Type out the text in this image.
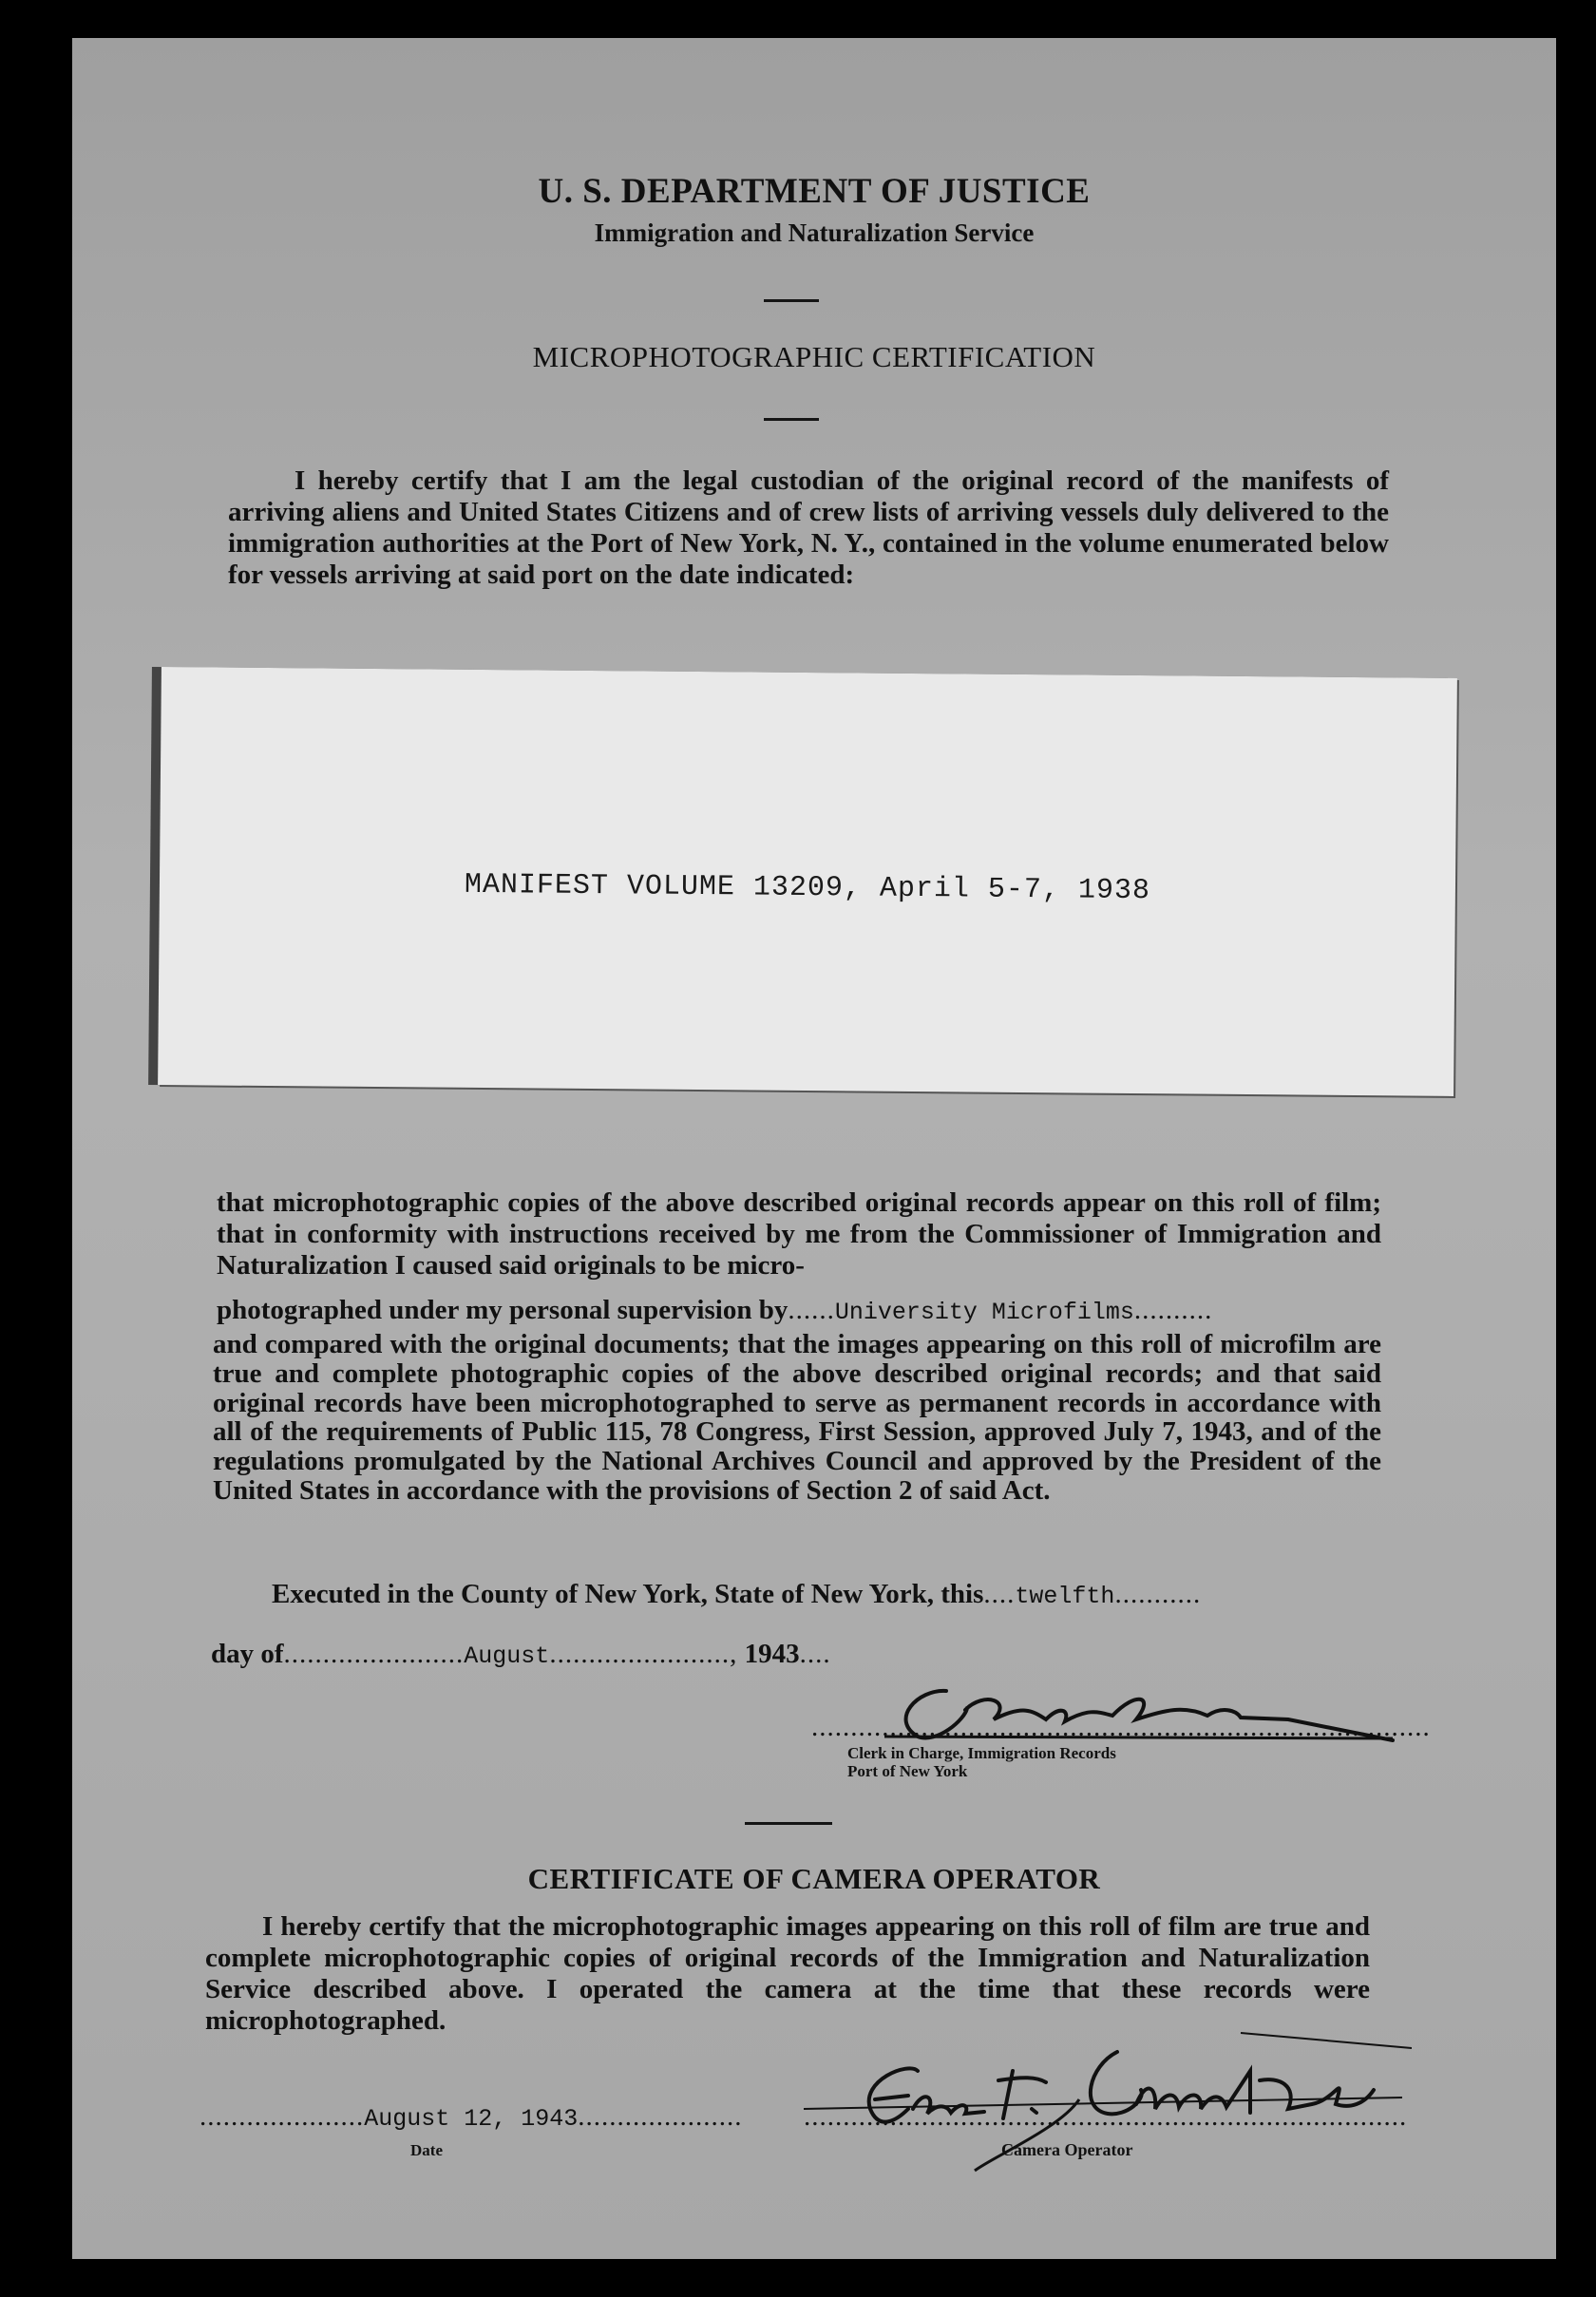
U. S. DEPARTMENT OF JUSTICE
Immigration and Naturalization Service
MICROPHOTOGRAPHIC CERTIFICATION
I hereby certify that I am the legal custodian of the original record of the manifests of arriving aliens and United States Citizens and of crew lists of arriving vessels duly delivered to the immigration authorities at the Port of New York, N. Y., contained in the volume enumerated below for vessels arriving at said port on the date indicated:
MANIFEST VOLUME 13209, April 5-7, 1938
that microphotographic copies of the above described original records appear on this roll of film; that in conformity with instructions received by me from the Commissioner of Immigration and Naturalization I caused said originals to be micro-
photographed under my personal supervision by......University Microfilms..........
and compared with the original documents; that the images appearing on this roll of microfilm are true and complete photographic copies of the above described original records; and that said original records have been microphotographed to serve as permanent records in accordance with all of the requirements of Public 115, 78 Congress, First Session, approved July 7, 1943, and of the regulations promulgated by the National Archives Council and approved by the President of the United States in accordance with the provisions of Section 2 of said Act.
Executed in the County of New York, State of New York, this....twelfth...........
day of.......................August......................., 1943....
...............................................................................
Clerk in Charge, Immigration Records
Port of New York
CERTIFICATE OF CAMERA OPERATOR
I hereby certify that the microphotographic images appearing on this roll of film are true and complete microphotographic copies of original records of the Immigration and Naturalization Service described above. I operated the camera at the time that these records were microphotographed.
.....................August 12, 1943.....................
Date
.............................................................................
Camera Operator
